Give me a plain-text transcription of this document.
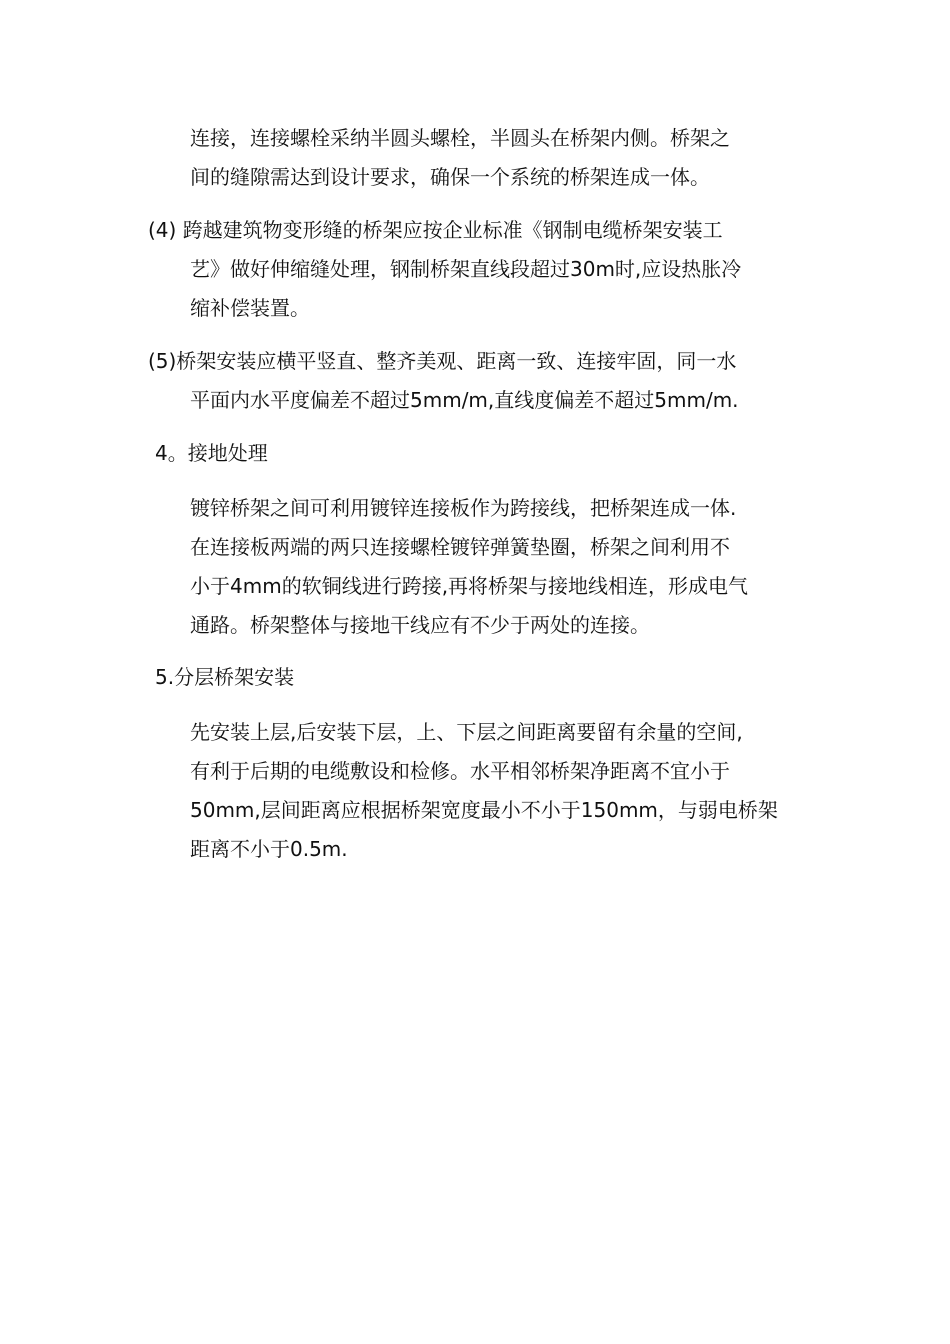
连接，连接螺栓采纳半圆头螺栓，半圆头在桥架内侧。桥架之
间的缝隙需达到设计要求，确保一个系统的桥架连成一体。
(4) 跨越建筑物变形缝的桥架应按企业标准《钢制电缆桥架安装工
艺》做好伸缩缝处理，钢制桥架直线段超过30m时,应设热胀冷
缩补偿装置。
(5)桥架安装应横平竖直、整齐美观、距离一致、连接牢固，同一水
平面内水平度偏差不超过5mm/m,直线度偏差不超过5mm/m.
4。接地处理
镀锌桥架之间可利用镀锌连接板作为跨接线，把桥架连成一体.
在连接板两端的两只连接螺栓镀锌弹簧垫圈，桥架之间利用不
小于4mm的软铜线进行跨接,再将桥架与接地线相连，形成电气
通路。桥架整体与接地干线应有不少于两处的连接。
5.分层桥架安装
先安装上层,后安装下层，上、下层之间距离要留有余量的空间,
有利于后期的电缆敷设和检修。水平相邻桥架净距离不宜小于
50mm,层间距离应根据桥架宽度最小不小于150mm，与弱电桥架
距离不小于0.5m.
